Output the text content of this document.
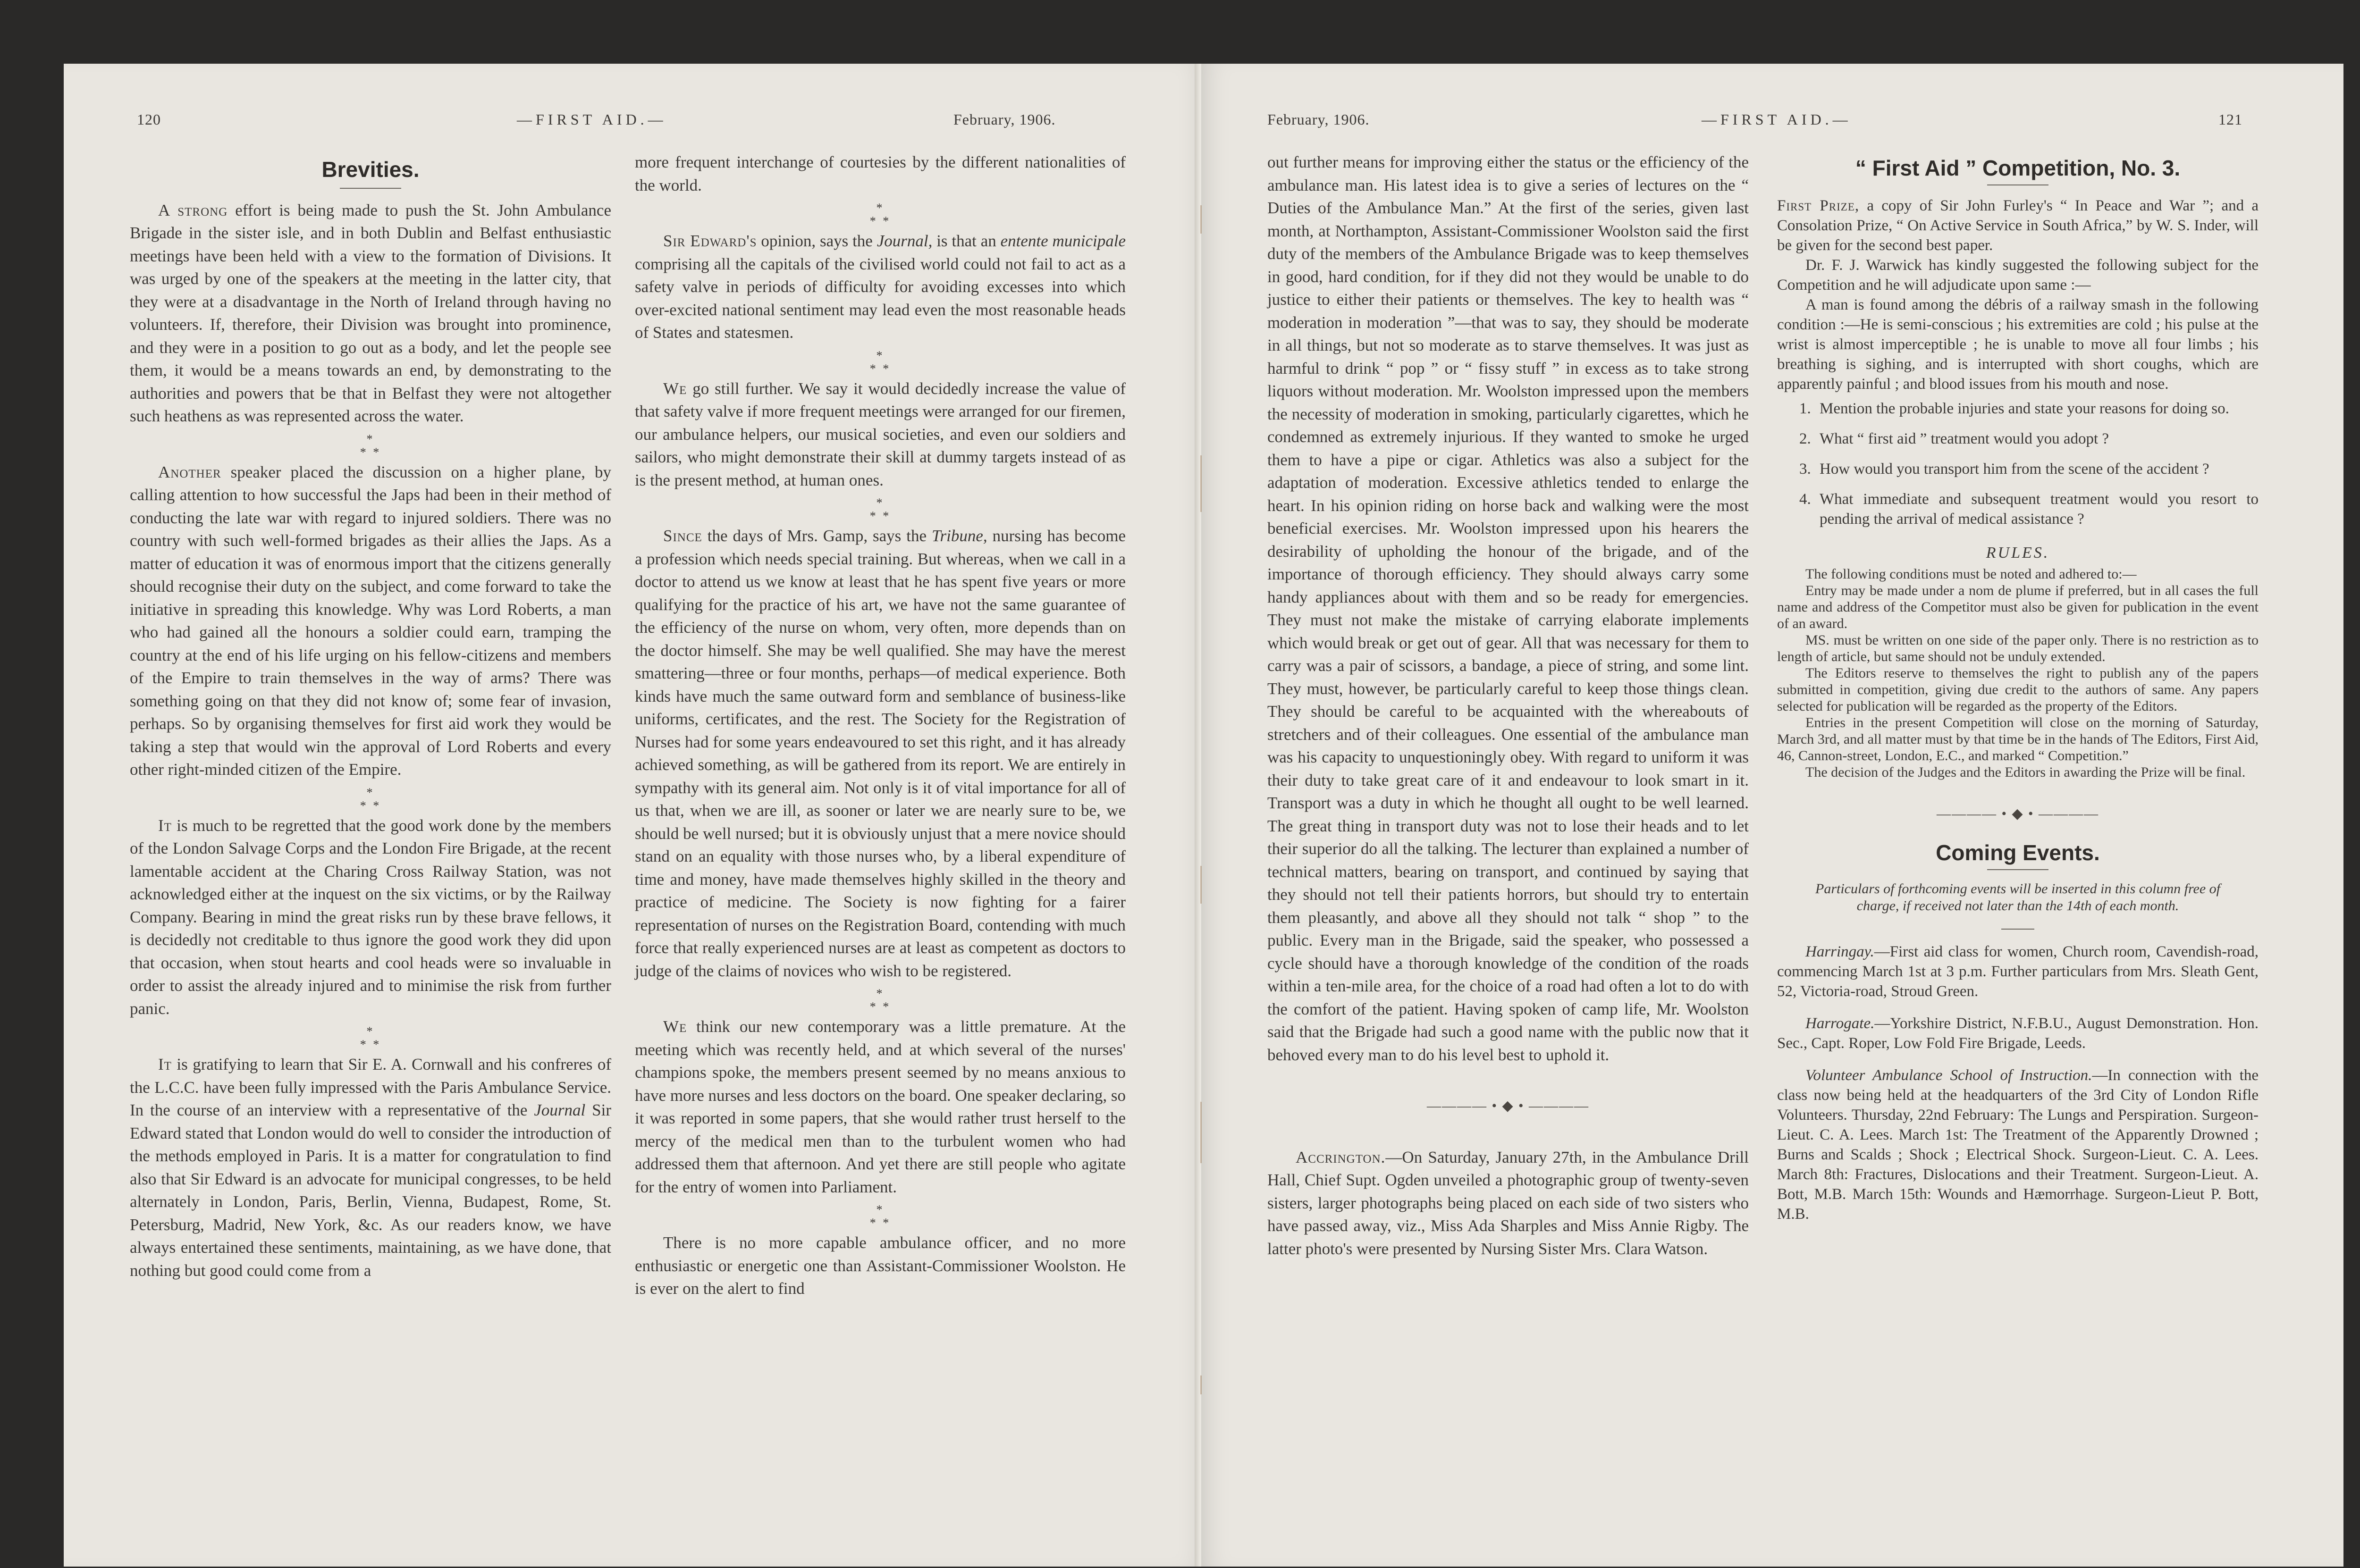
120	—FIRST AID.—	February, 1906.
Brevities.

A strong effort is being made to push the St. John Ambulance Brigade in the sister isle, and in both Dublin and Belfast enthusiastic meetings have been held with a view to the formation of Divisions. It was urged by one of the speakers at the meeting in the latter city, that they were at a disadvantage in the North of Ireland through having no volunteers. If, therefore, their Division was brought into prominence, and they were in a position to go out as a body, and let the people see them, it would be a means towards an end, by demonstrating to the authorities and powers that be that in Belfast they were not altogether such heathens as was represented across the water.

*
* *

Another speaker placed the discussion on a higher plane, by calling attention to how successful the Japs had been in their method of conducting the late war with regard to injured soldiers. There was no country with such well-formed brigades as their allies the Japs. As a matter of education it was of enormous import that the citizens generally should recognise their duty on the subject, and come forward to take the initiative in spreading this knowledge. Why was Lord Roberts, a man who had gained all the honours a soldier could earn, tramping the country at the end of his life urging on his fellow-citizens and members of the Empire to train themselves in the way of arms? There was something going on that they did not know of; some fear of invasion, perhaps. So by organising themselves for first aid work they would be taking a step that would win the approval of Lord Roberts and every other right-minded citizen of the Empire.

*
* *

It is much to be regretted that the good work done by the members of the London Salvage Corps and the London Fire Brigade, at the recent lamentable accident at the Charing Cross Railway Station, was not acknowledged either at the inquest on the six victims, or by the Railway Company. Bearing in mind the great risks run by these brave fellows, it is decidedly not creditable to thus ignore the good work they did upon that occasion, when stout hearts and cool heads were so invaluable in order to assist the already injured and to minimise the risk from further panic.

*
* *

It is gratifying to learn that Sir E. A. Cornwall and his confreres of the L.C.C. have been fully impressed with the Paris Ambulance Service. In the course of an interview with a representative of the Journal Sir Edward stated that London would do well to consider the introduction of the methods employed in Paris. It is a matter for congratulation to find also that Sir Edward is an advocate for municipal congresses, to be held alternately in London, Paris, Berlin, Vienna, Budapest, Rome, St. Petersburg, Madrid, New York, &c. As our readers know, we have always entertained these sentiments, maintaining, as we have done, that nothing but good could come from a

more frequent interchange of courtesies by the different nationalities of the world.

*
* *

Sir Edward's opinion, says the Journal, is that an entente municipale comprising all the capitals of the civilised world could not fail to act as a safety valve in periods of difficulty for avoiding excesses into which over-excited national sentiment may lead even the most reasonable heads of States and statesmen.

*
* *

We go still further. We say it would decidedly increase the value of that safety valve if more frequent meetings were arranged for our firemen, our ambulance helpers, our musical societies, and even our soldiers and sailors, who might demonstrate their skill at dummy targets instead of as is the present method, at human ones.

*
* *

Since the days of Mrs. Gamp, says the Tribune, nursing has become a profession which needs special training. But whereas, when we call in a doctor to attend us we know at least that he has spent five years or more qualifying for the practice of his art, we have not the same guarantee of the efficiency of the nurse on whom, very often, more depends than on the doctor himself. She may be well qualified. She may have the merest smattering—three or four months, perhaps—of medical experience. Both kinds have much the same outward form and semblance of business-like uniforms, certificates, and the rest. The Society for the Registration of Nurses had for some years endeavoured to set this right, and it has already achieved something, as will be gathered from its report. We are entirely in sympathy with its general aim. Not only is it of vital importance for all of us that, when we are ill, as sooner or later we are nearly sure to be, we should be well nursed; but it is obviously unjust that a mere novice should stand on an equality with those nurses who, by a liberal expenditure of time and money, have made themselves highly skilled in the theory and practice of medicine. The Society is now fighting for a fairer representation of nurses on the Registration Board, contending with much force that really experienced nurses are at least as competent as doctors to judge of the claims of novices who wish to be registered.

*
* *

We think our new contemporary was a little premature. At the meeting which was recently held, and at which several of the nurses' champions spoke, the members present seemed by no means anxious to have more nurses and less doctors on the board. One speaker declaring, so it was reported in some papers, that she would rather trust herself to the mercy of the medical men than to the turbulent women who had addressed them that afternoon. And yet there are still people who agitate for the entry of women into Parliament.

*
* *

There is no more capable ambulance officer, and no more enthusiastic or energetic one than Assistant-Commissioner Woolston. He is ever on the alert to find

February, 1906.	—FIRST AID.—	121

out further means for improving either the status or the efficiency of the ambulance man. His latest idea is to give a series of lectures on the “ Duties of the Ambulance Man.” At the first of the series, given last month, at Northampton, Assistant-Commissioner Woolston said the first duty of the members of the Ambulance Brigade was to keep themselves in good, hard condition, for if they did not they would be unable to do justice to either their patients or themselves. The key to health was “ moderation in moderation ”—that was to say, they should be moderate in all things, but not so moderate as to starve themselves. It was just as harmful to drink “ pop ” or “ fissy stuff ” in excess as to take strong liquors without moderation. Mr. Woolston impressed upon the members the necessity of moderation in smoking, particularly cigarettes, which he condemned as extremely injurious. If they wanted to smoke he urged them to have a pipe or cigar. Athletics was also a subject for the adaptation of moderation. Excessive athletics tended to enlarge the heart. In his opinion riding on horse back and walking were the most beneficial exercises. Mr. Woolston impressed upon his hearers the desirability of upholding the honour of the brigade, and of the importance of thorough efficiency. They should always carry some handy appliances about with them and so be ready for emergencies. They must not make the mistake of carrying elaborate implements which would break or get out of gear. All that was necessary for them to carry was a pair of scissors, a bandage, a piece of string, and some lint. They must, however, be particularly careful to keep those things clean. They should be careful to be acquainted with the whereabouts of stretchers and of their colleagues. One essential of the ambulance man was his capacity to unquestioningly obey. With regard to uniform it was their duty to take great care of it and endeavour to look smart in it. Transport was a duty in which he thought all ought to be well learned. The great thing in transport duty was not to lose their heads and to let their superior do all the talking. The lecturer than explained a number of technical matters, bearing on transport, and continued by saying that they should not tell their patients horrors, but should try to entertain them pleasantly, and above all they should not talk “ shop ” to the public. Every man in the Brigade, said the speaker, who possessed a cycle should have a thorough knowledge of the condition of the roads within a ten-mile area, for the choice of a road had often a lot to do with the comfort of the patient. Having spoken of camp life, Mr. Woolston said that the Brigade had such a good name with the public now that it behoved every man to do his level best to uphold it.

———— • ◆ • ————

Accrington.—On Saturday, January 27th, in the Ambulance Drill Hall, Chief Supt. Ogden unveiled a photographic group of twenty-seven sisters, larger photographs being placed on each side of two sisters who have passed away, viz., Miss Ada Sharples and Miss Annie Rigby. The latter photo's were presented by Nursing Sister Mrs. Clara Watson.

“ First Aid ” Competition, No. 3.

First Prize, a copy of Sir John Furley's “ In Peace and War ”; and a Consolation Prize, “ On Active Service in South Africa,” by W. S. Inder, will be given for the second best paper.

Dr. F. J. Warwick has kindly suggested the following subject for the Competition and he will adjudicate upon same :—

A man is found among the débris of a railway smash in the following condition :—He is semi-conscious ; his extremities are cold ; his pulse at the wrist is almost imperceptible ; he is unable to move all four limbs ; his breathing is sighing, and is interrupted with short coughs, which are apparently painful ; and blood issues from his mouth and nose.

1. Mention the probable injuries and state your reasons for doing so.
2. What “ first aid ” treatment would you adopt ?
3. How would you transport him from the scene of the accident ?
4. What immediate and subsequent treatment would you resort to pending the arrival of medical assistance ?
RULES.

The following conditions must be noted and adhered to:—

Entry may be made under a nom de plume if preferred, but in all cases the full name and address of the Competitor must also be given for publication in the event of an award.

MS. must be written on one side of the paper only. There is no restriction as to length of article, but same should not be unduly extended.

The Editors reserve to themselves the right to publish any of the papers submitted in competition, giving due credit to the authors of same. Any papers selected for publication will be regarded as the property of the Editors.

Entries in the present Competition will close on the morning of Saturday, March 3rd, and all matter must by that time be in the hands of The Editors, First Aid, 46, Cannon-street, London, E.C., and marked “ Competition.”

The decision of the Judges and the Editors in awarding the Prize will be final.

———— • ◆ • ————
Coming Events.
Particulars of forthcoming events will be inserted in this column free of charge, if received not later than the 14th of each month.
Harringay.—First aid class for women, Church room, Cavendish-road, commencing March 1st at 3 p.m. Further particulars from Mrs. Sleath Gent, 52, Victoria-road, Stroud Green.
Harrogate.—Yorkshire District, N.F.B.U., August Demonstration. Hon. Sec., Capt. Roper, Low Fold Fire Brigade, Leeds.
Volunteer Ambulance School of Instruction.—In connection with the class now being held at the headquarters of the 3rd City of London Rifle Volunteers. Thursday, 22nd February: The Lungs and Perspiration. Surgeon-Lieut. C. A. Lees. March 1st: The Treatment of the Apparently Drowned ; Burns and Scalds ; Shock ; Electrical Shock. Surgeon-Lieut. C. A. Lees. March 8th: Fractures, Dislocations and their Treatment. Surgeon-Lieut. A. Bott, M.B. March 15th: Wounds and Hæmorrhage. Surgeon-Lieut P. Bott, M.B.
